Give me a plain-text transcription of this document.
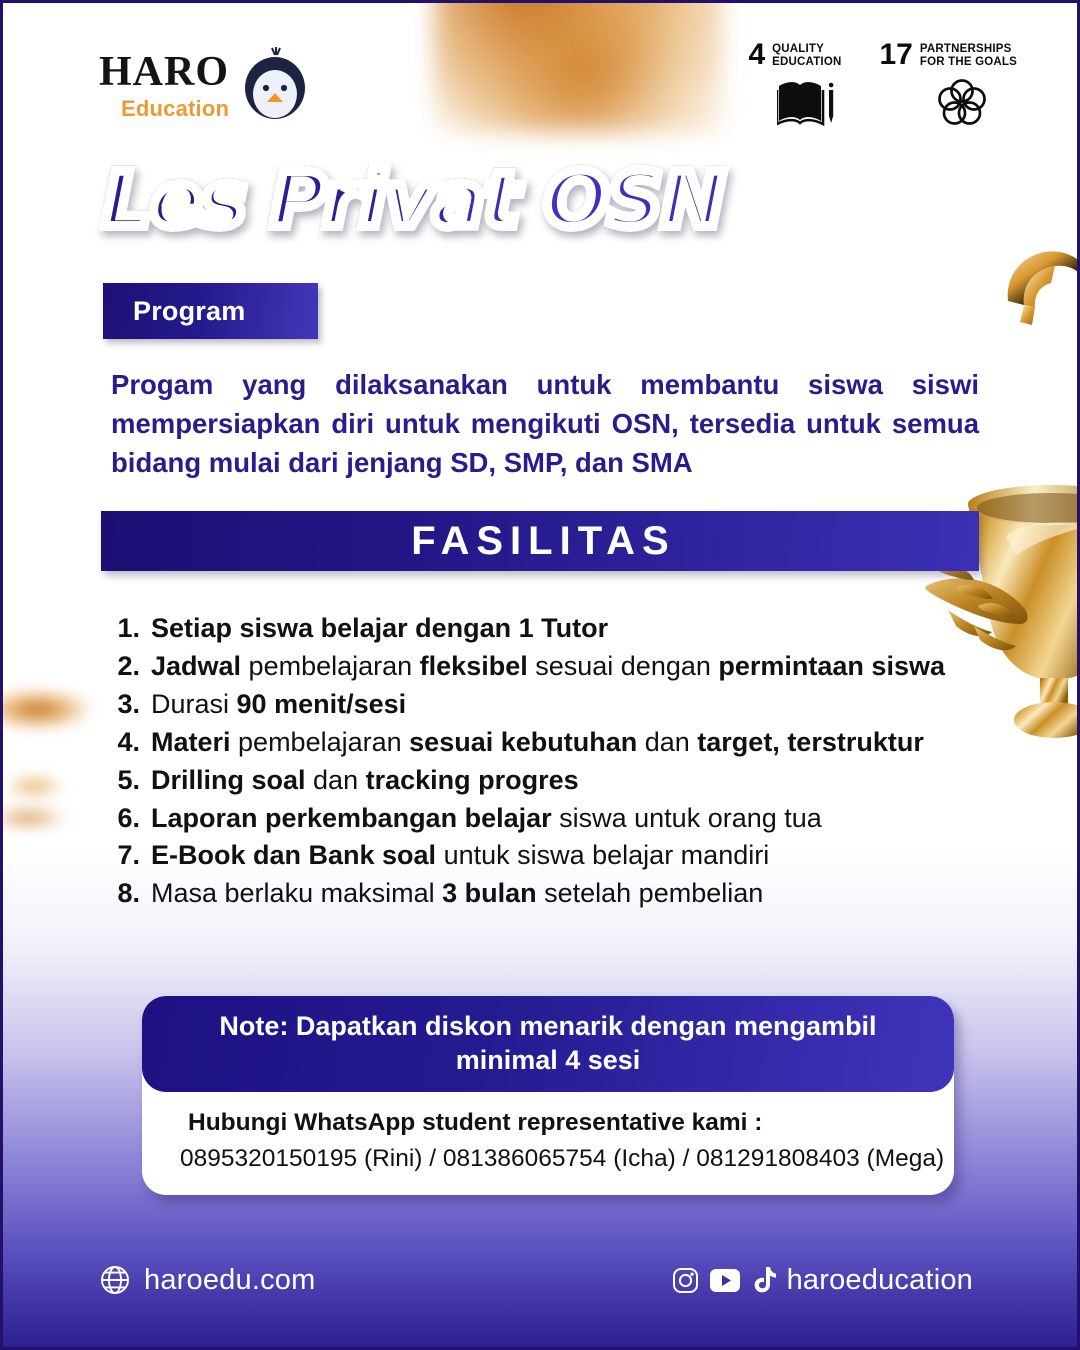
HARO
Education
4 QUALITY
EDUCATION 17 PARTNERSHIPS
FOR THE GOALS
Les Privat OSN
Program
Progam yang dilaksanakan untuk membantu siswa siswi mempersiapkan diri untuk mengikuti OSN, tersedia untuk semua bidang mulai dari jenjang SD, SMP, dan SMA
FASILITAS
1. Setiap siswa belajar dengan 1 Tutor
2. Jadwal pembelajaran fleksibel sesuai dengan permintaan siswa
3. Durasi 90 menit/sesi
4. Materi pembelajaran sesuai kebutuhan dan target, terstruktur
5. Drilling soal dan tracking progres
6. Laporan perkembangan belajar siswa untuk orang tua
7. E-Book dan Bank soal untuk siswa belajar mandiri
8. Masa berlaku maksimal 3 bulan setelah pembelian
Note: Dapatkan diskon menarik dengan mengambil minimal 4 sesi
Hubungi WhatsApp student representative kami :
0895320150195 (Rini) / 081386065754 (Icha) / 081291808403 (Mega)
haroedu.com	haroeducation
